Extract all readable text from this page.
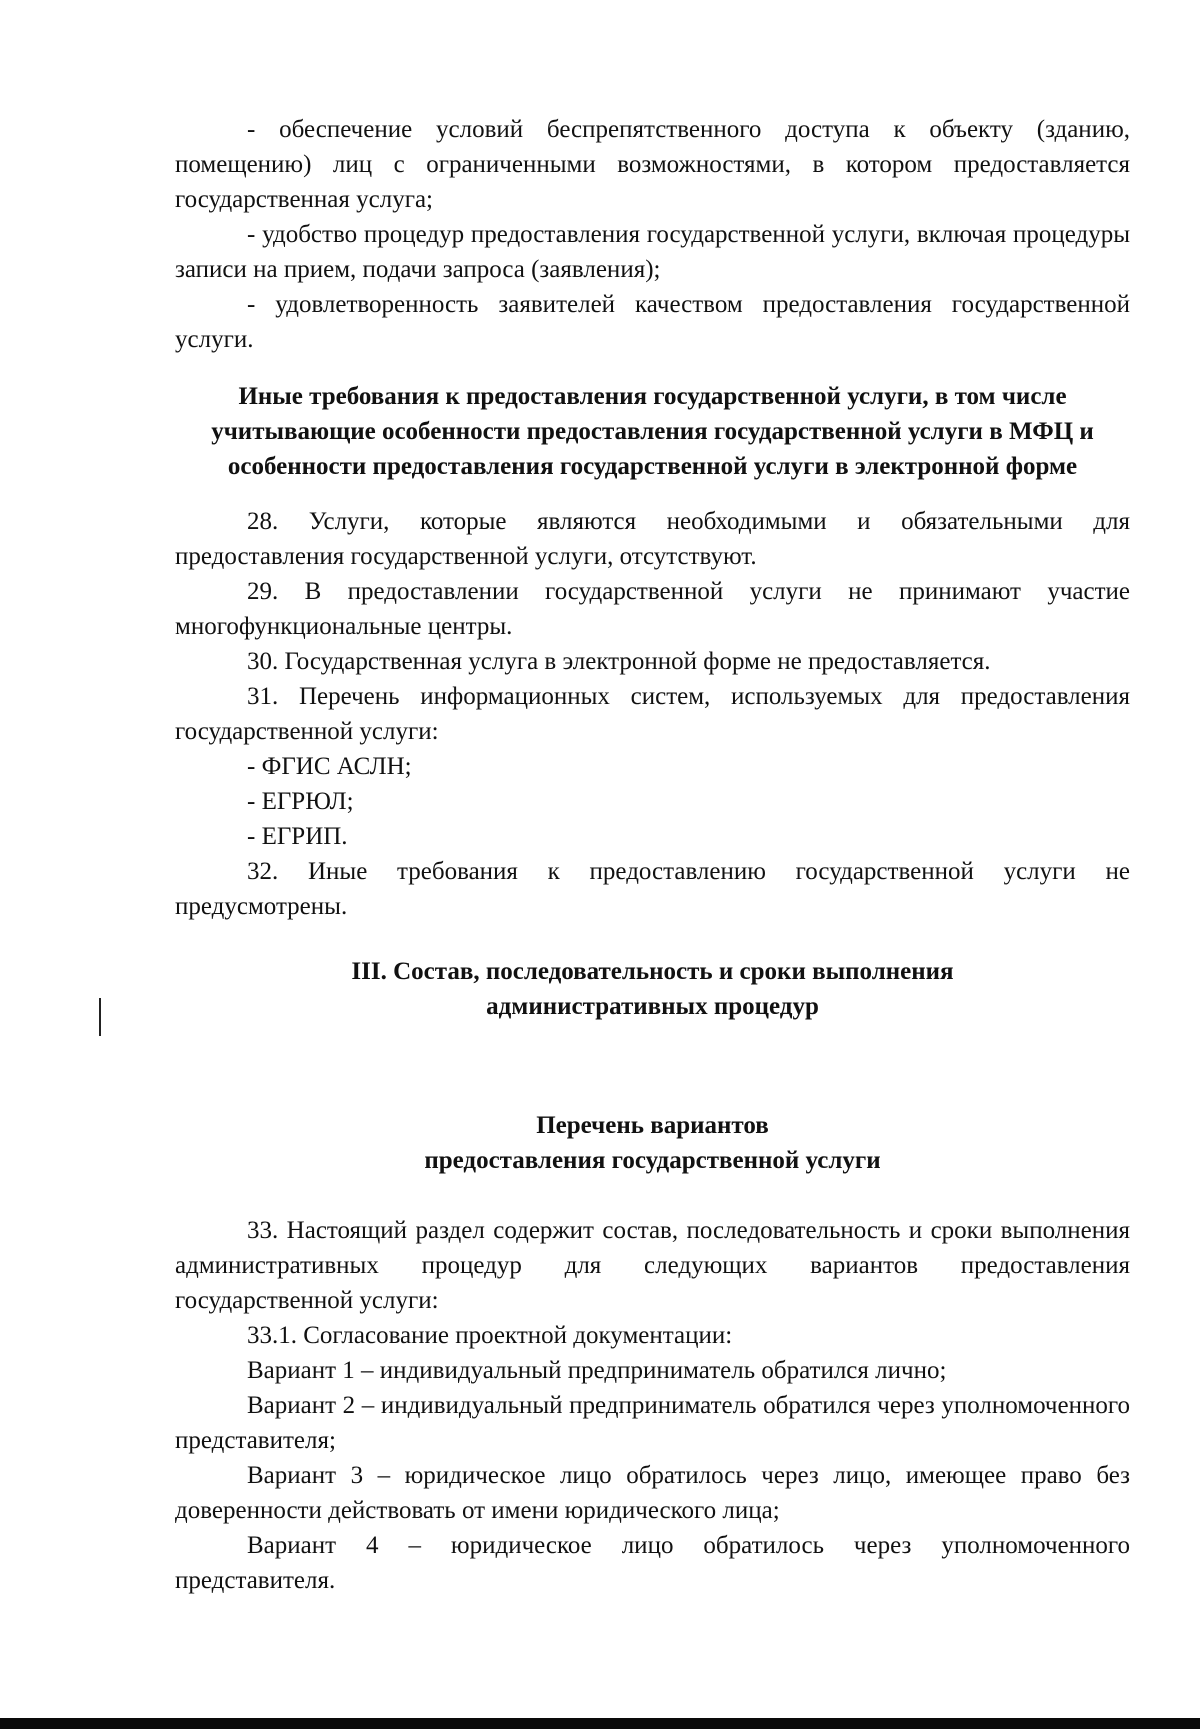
- обеспечение условий беспрепятственного доступа к объекту (зданию, помещению) лиц с ограниченными возможностями, в котором предоставляется государственная услуга;

- удобство процедур предоставления государственной услуги, включая процедуры записи на прием, подачи запроса (заявления);

- удовлетворенность заявителей качеством предоставления государственной услуги.

Иные требования к предоставления государственной услуги, в том числе
учитывающие особенности предоставления государственной услуги в МФЦ и
особенности предоставления государственной услуги в электронной форме

28. Услуги, которые являются необходимыми и обязательными для предоставления государственной услуги, отсутствуют.

29. В предоставлении государственной услуги не принимают участие многофункциональные центры.

30. Государственная услуга в электронной форме не предоставляется.

31. Перечень информационных систем, используемых для предоставления государственной услуги:

- ФГИС АСЛН;

- ЕГРЮЛ;

- ЕГРИП.

32. Иные требования к предоставлению государственной услуги не предусмотрены.

III. Состав, последовательность и сроки выполнения
административных процедур
Перечень вариантов
предоставления государственной услуги

33. Настоящий раздел содержит состав, последовательность и сроки выполнения административных процедур для следующих вариантов предоставления государственной услуги:

33.1. Согласование проектной документации:

Вариант 1 – индивидуальный предприниматель обратился лично;

Вариант 2 – индивидуальный предприниматель обратился через уполномоченного представителя;

Вариант 3 – юридическое лицо обратилось через лицо, имеющее право без доверенности действовать от имени юридического лица;

Вариант 4 – юридическое лицо обратилось через уполномоченного представителя.
